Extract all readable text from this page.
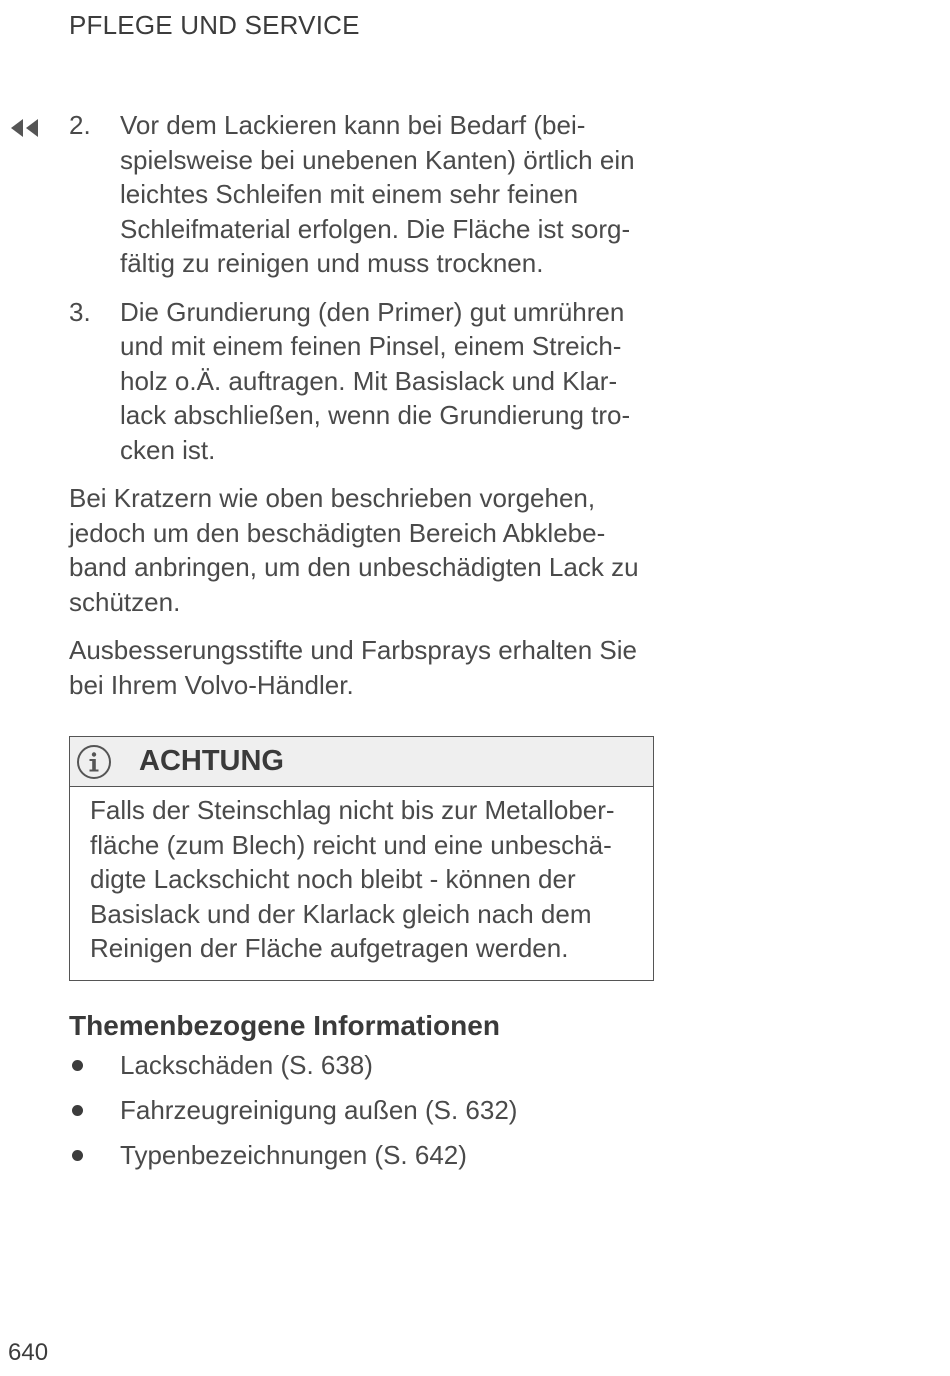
PFLEGE UND SERVICE
2. Vor dem Lackieren kann bei Bedarf (bei-
spielsweise bei unebenen Kanten) örtlich ein
leichtes Schleifen mit einem sehr feinen
Schleifmaterial erfolgen. Die Fläche ist sorg-
fältig zu reinigen und muss trocknen.
3. Die Grundierung (den Primer) gut umrühren
und mit einem feinen Pinsel, einem Streich-
holz o.Ä. auftragen. Mit Basislack und Klar-
lack abschließen, wenn die Grundierung tro-
cken ist.

Bei Kratzern wie oben beschrieben vorgehen,
jedoch um den beschädigten Bereich Abklebe-
band anbringen, um den unbeschädigten Lack zu
schützen.

Ausbesserungsstifte und Farbsprays erhalten Sie
bei Ihrem Volvo-Händler.

ACHTUNG
Falls der Steinschlag nicht bis zur Metallober-
fläche (zum Blech) reicht und eine unbeschä-
digte Lackschicht noch bleibt - können der
Basislack und der Klarlack gleich nach dem
Reinigen der Fläche aufgetragen werden.
Themenbezogene Informationen
Lackschäden (S. 638)
Fahrzeugreinigung außen (S. 632)
Typenbezeichnungen (S. 642)
640
